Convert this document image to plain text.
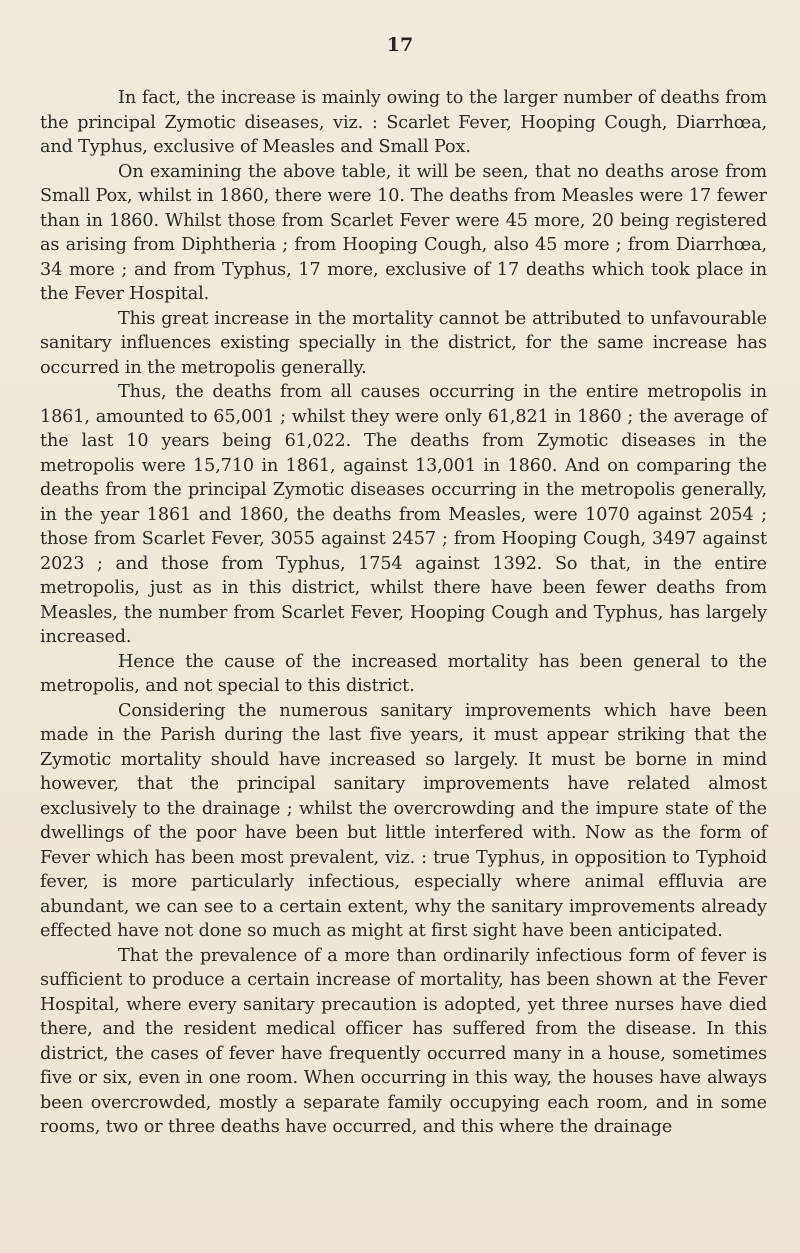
17

In fact, the increase is mainly owing to the larger number of deaths from the principal Zymotic diseases, viz. : Scarlet Fever, Hooping Cough, Diarrhœa, and Typhus, exclusive of Measles and Small Pox.

On examining the above table, it will be seen, that no deaths arose from Small Pox, whilst in 1860, there were 10. The deaths from Measles were 17 fewer than in 1860. Whilst those from Scarlet Fever were 45 more, 20 being registered as arising from Diphtheria ; from Hooping Cough, also 45 more ; from Diarrhœa, 34 more ; and from Typhus, 17 more, exclusive of 17 deaths which took place in the Fever Hospital.

This great increase in the mortality cannot be attributed to unfavourable sanitary influences existing specially in the district, for the same increase has occurred in the metropolis generally.

Thus, the deaths from all causes occurring in the entire metropolis in 1861, amounted to 65,001 ; whilst they were only 61,821 in 1860 ; the average of the last 10 years being 61,022. The deaths from Zymotic diseases in the metropolis were 15,710 in 1861, against 13,001 in 1860. And on comparing the deaths from the principal Zymotic diseases occurring in the metropolis generally, in the year 1861 and 1860, the deaths from Measles, were 1070 against 2054 ; those from Scarlet Fever, 3055 against 2457 ; from Hooping Cough, 3497 against 2023 ; and those from Typhus, 1754 against 1392. So that, in the entire metropolis, just as in this district, whilst there have been fewer deaths from Measles, the number from Scarlet Fever, Hooping Cough and Typhus, has largely increased.

Hence the cause of the increased mortality has been general to the metropolis, and not special to this district.

Considering the numerous sanitary improvements which have been made in the Parish during the last five years, it must appear striking that the Zymotic mortality should have increased so largely. It must be borne in mind however, that the principal sanitary improvements have related almost exclusively to the drainage ; whilst the overcrowding and the impure state of the dwellings of the poor have been but little interfered with. Now as the form of Fever which has been most prevalent, viz. : true Typhus, in opposition to Typhoid fever, is more particularly infectious, especially where animal effluvia are abundant, we can see to a certain extent, why the sanitary improvements already effected have not done so much as might at first sight have been anticipated.

That the prevalence of a more than ordinarily infectious form of fever is sufficient to produce a certain increase of mortality, has been shown at the Fever Hospital, where every sanitary precaution is adopted, yet three nurses have died there, and the resident medical officer has suffered from the disease. In this district, the cases of fever have frequently occurred many in a house, sometimes five or six, even in one room. When occurring in this way, the houses have always been overcrowded, mostly a separate family occupying each room, and in some rooms, two or three deaths have occurred, and this where the drainage
